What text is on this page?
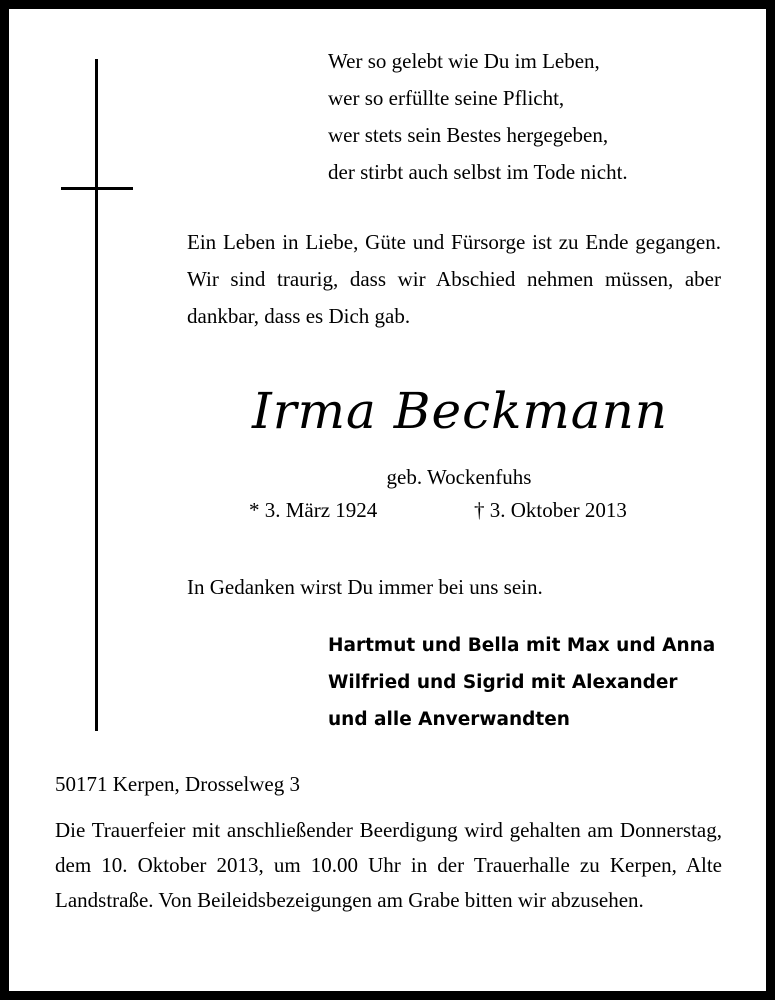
Wer so gelebt wie Du im Leben,
wer so erfüllte seine Pflicht,
wer stets sein Bestes hergegeben,
der stirbt auch selbst im Tode nicht.
Ein Leben in Liebe, Güte und Fürsorge ist zu Ende gegangen. Wir sind traurig, dass wir Abschied nehmen müssen, aber dankbar, dass es Dich gab.
Irma Beckmann
geb. Wockenfuhs
* 3. März 1924	† 3. Oktober 2013
In Gedanken wirst Du immer bei uns sein.
Hartmut und Bella mit Max und Anna
Wilfried und Sigrid mit Alexander
und alle Anverwandten
50171 Kerpen, Drosselweg 3
Die Trauerfeier mit anschließender Beerdigung wird gehalten am Donnerstag, dem 10. Oktober 2013, um 10.00 Uhr in der Trauerhalle zu Kerpen, Alte Landstraße. Von Beileidsbezeigungen am Grabe bitten wir abzusehen.
